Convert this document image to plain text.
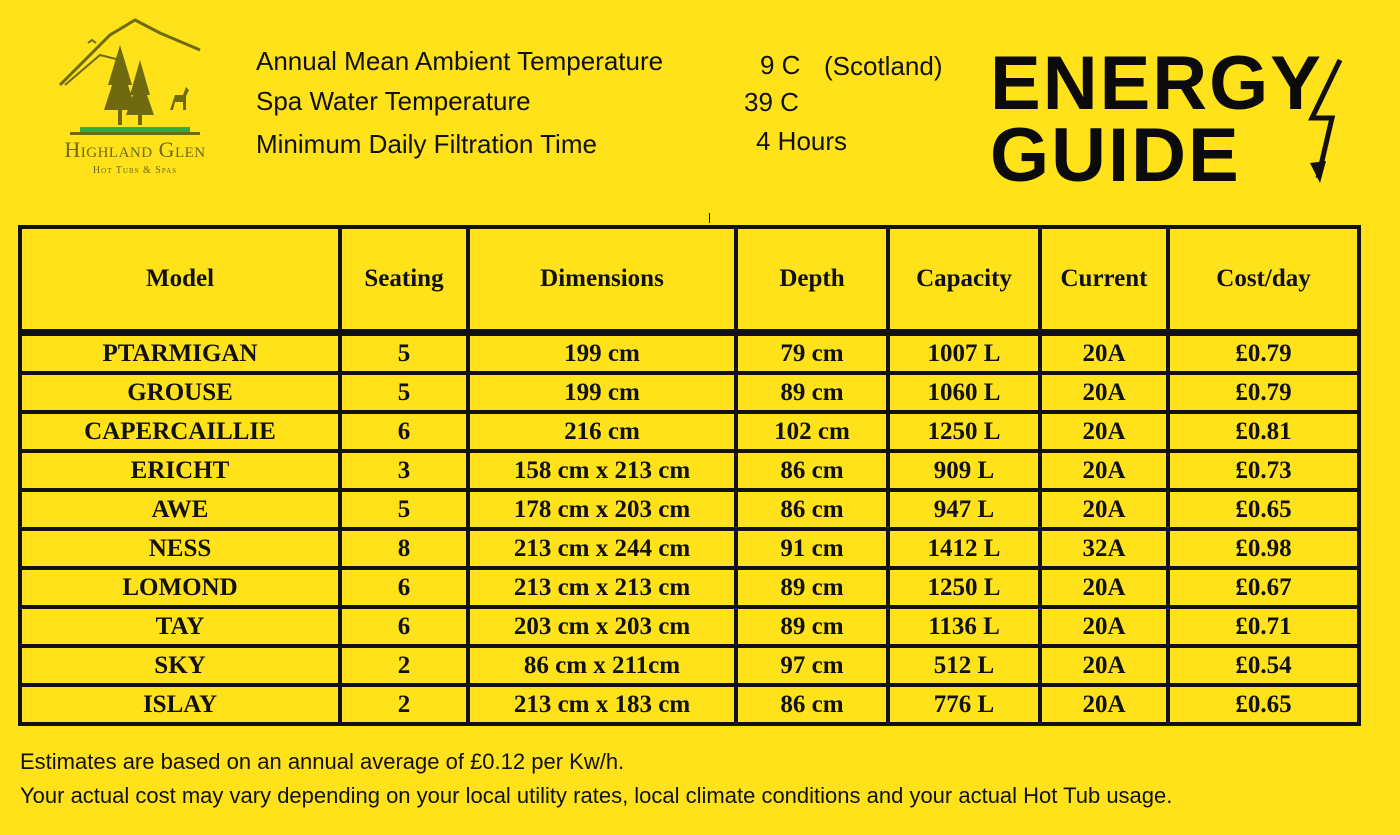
Highland Glen
Hot Tubs & Spas
Annual Mean Ambient Temperature	9 C (Scotland)
Spa Water Temperature	39 C
Minimum Daily Filtration Time	4 Hours
ENERGY
GUIDE
Model	Seating	Dimensions	Depth	Capacity	Current	Cost/day
PTARMIGAN	5	199 cm	79 cm	1007 L	20A	£0.79
GROUSE	5	199 cm	89 cm	1060 L	20A	£0.79
CAPERCAILLIE	6	216 cm	102 cm	1250 L	20A	£0.81
ERICHT	3	158 cm x 213 cm	86 cm	909 L	20A	£0.73
AWE	5	178 cm x 203 cm	86 cm	947 L	20A	£0.65
NESS	8	213 cm x 244 cm	91 cm	1412 L	32A	£0.98
LOMOND	6	213 cm x 213 cm	89 cm	1250 L	20A	£0.67
TAY	6	203 cm x 203 cm	89 cm	1136 L	20A	£0.71
SKY	2	86 cm x 211cm	97 cm	512 L	20A	£0.54
ISLAY	2	213 cm x 183 cm	86 cm	776 L	20A	£0.65
Estimates are based on an annual average of £0.12 per Kw/h.
Your actual cost may vary depending on your local utility rates, local climate conditions and your actual Hot Tub usage.
